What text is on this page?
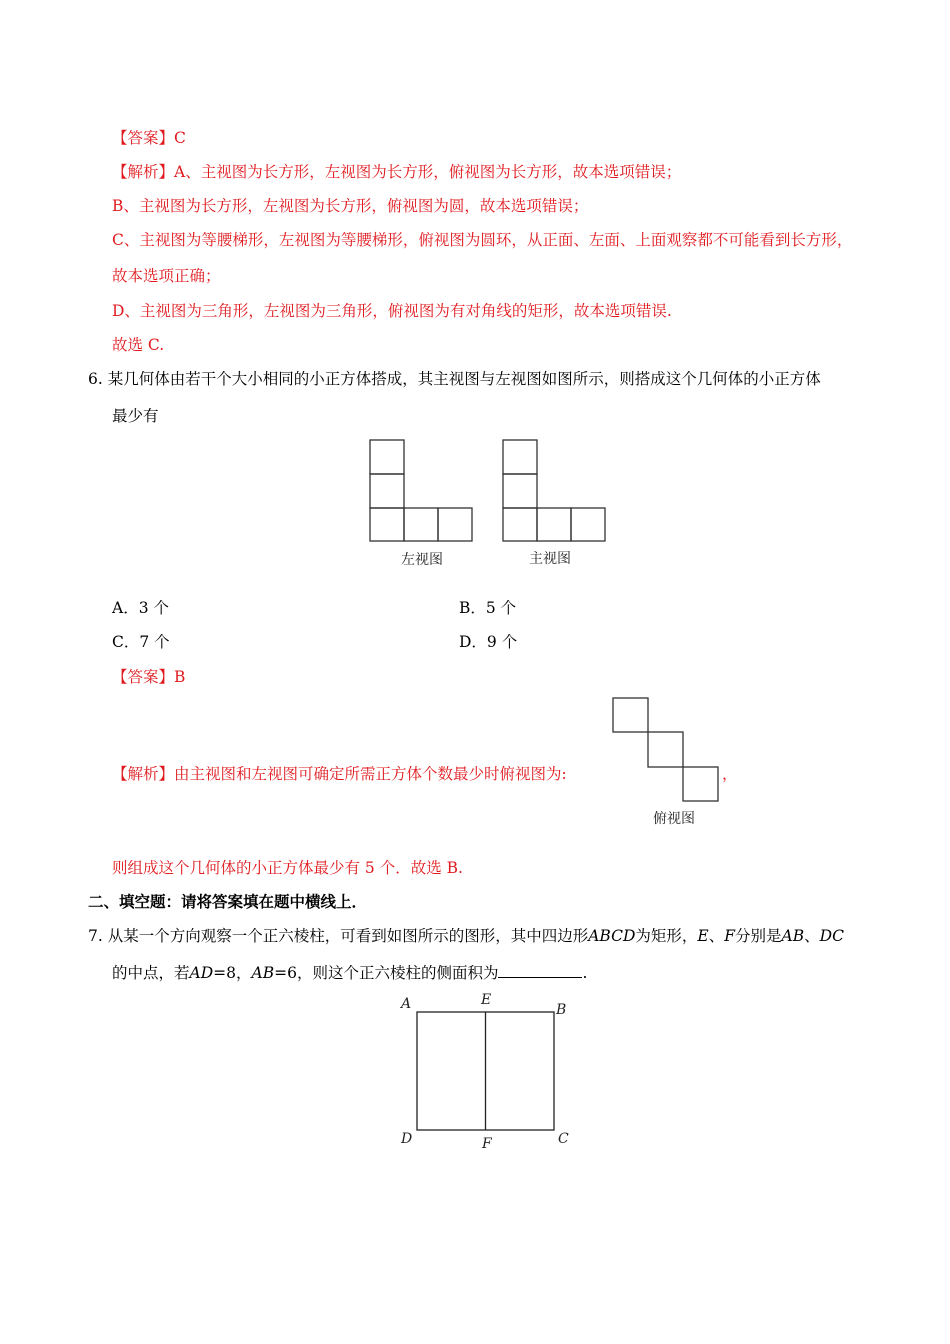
【答案】C
【解析】A、主视图为长方形，左视图为长方形，俯视图为长方形，故本选项错误；
B、主视图为长方形，左视图为长方形，俯视图为圆，故本选项错误；
C、主视图为等腰梯形，左视图为等腰梯形，俯视图为圆环，从正面、左面、上面观察都不可能看到长方形，
故本选项正确；
D、主视图为三角形，左视图为三角形，俯视图为有对角线的矩形，故本选项错误.
故选 C.
6. 某几何体由若干个大小相同的小正方体搭成，其主视图与左视图如图所示，则搭成这个几何体的小正方体
最少有
左视图	主视图
A．3 个	B．5 个
C．7 个	D．9 个
【答案】B
【解析】由主视图和左视图可确定所需正方体个数最少时俯视图为:
俯视图
，
则组成这个几何体的小正方体最少有 5 个．故选 B.
二、填空题：请将答案填在题中横线上．
7. 从某一个方向观察一个正六棱柱，可看到如图所示的图形，其中四边形ABCD为矩形，E、F分别是AB、DC
的中点，若AD=8，AB=6，则这个正六棱柱的侧面积为	.
A	E
B
D	F	C
